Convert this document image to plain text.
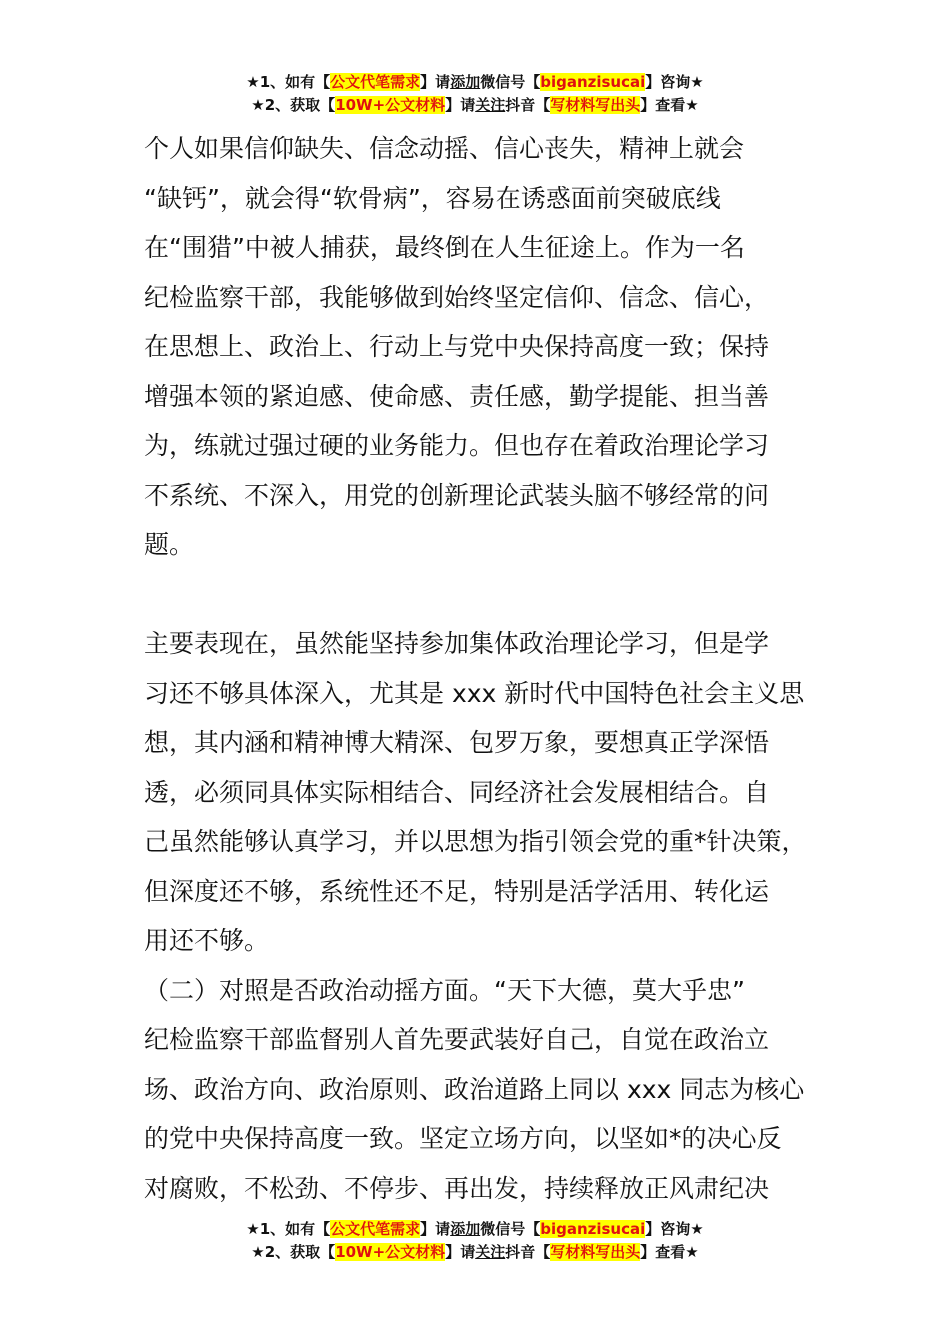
★1、如有【公文代笔需求】请添加微信号【biganzisucai】咨询★
★2、获取【10W+公文材料】请关注抖音【写材料写出头】查看★

个人如果信仰缺失、信念动摇、信心丧失，精神上就会

“缺钙”，就会得“软骨病”，容易在诱惑面前突破底线

在“围猎”中被人捕获，最终倒在人生征途上。作为一名

纪检监察干部，我能够做到始终坚定信仰、信念、信心，

在思想上、政治上、行动上与党中央保持高度一致；保持

增强本领的紧迫感、使命感、责任感，勤学提能、担当善

为，练就过强过硬的业务能力。但也存在着政治理论学习

不系统、不深入，用党的创新理论武装头脑不够经常的问

题。

主要表现在，虽然能坚持参加集体政治理论学习，但是学

习还不够具体深入，尤其是 xxx 新时代中国特色社会主义思

想，其内涵和精神博大精深、包罗万象，要想真正学深悟

透，必须同具体实际相结合、同经济社会发展相结合。自

己虽然能够认真学习，并以思想为指引领会党的重*针决策，

但深度还不够，系统性还不足，特别是活学活用、转化运

用还不够。

（二）对照是否政治动摇方面。“天下大德，莫大乎忠”

纪检监察干部监督别人首先要武装好自己，自觉在政治立

场、政治方向、政治原则、政治道路上同以 xxx 同志为核心

的党中央保持高度一致。坚定立场方向，以坚如*的决心反

对腐败，不松劲、不停步、再出发，持续释放正风肃纪决

★1、如有【公文代笔需求】请添加微信号【biganzisucai】咨询★
★2、获取【10W+公文材料】请关注抖音【写材料写出头】查看★
